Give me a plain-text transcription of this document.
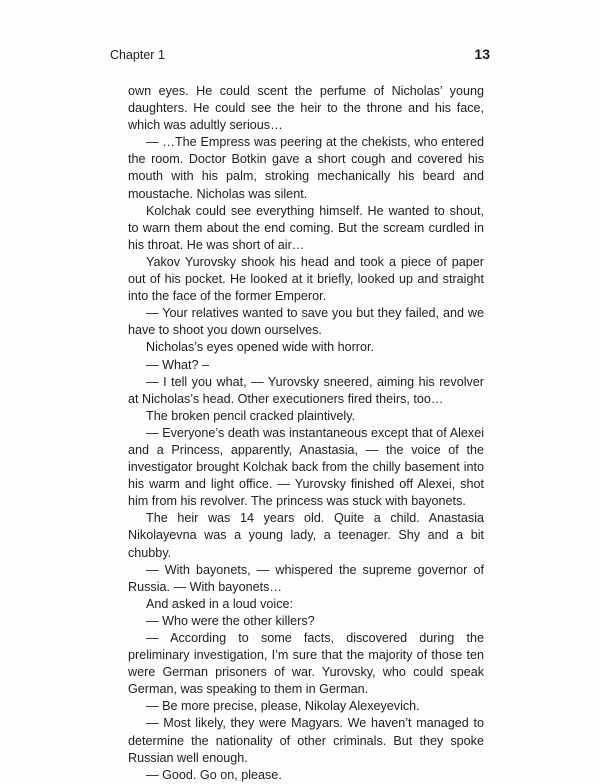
Chapter 1	13

own eyes. He could scent the perfume of Nicholas’ young daughters. He could see the heir to the throne and his face, which was adultly serious…

— …The Empress was peering at the chekists, who entered the room. Doctor Botkin gave a short cough and covered his mouth with his palm, stroking mechanically his beard and moustache. Nicholas was silent.

Kolchak could see everything himself. He wanted to shout, to warn them about the end coming. But the scream curdled in his throat. He was short of air…

Yakov Yurovsky shook his head and took a piece of paper out of his pocket. He looked at it briefly, looked up and straight into the face of the former Emperor.

— Your relatives wanted to save you but they failed, and we have to shoot you down ourselves.

Nicholas’s eyes opened wide with horror.

— What? –

— I tell you what, — Yurovsky sneered, aiming his revolver at Nicholas’s head. Other executioners fired theirs, too…

The broken pencil cracked plaintively.

— Everyone’s death was instantaneous except that of Alexei and a Princess, apparently, Anastasia, — the voice of the investigator brought Kolchak back from the chilly basement into his warm and light office. — Yurovsky finished off Alexei, shot him from his revolver. The princess was stuck with bayonets.

The heir was 14 years old. Quite a child. Anastasia Nikolayevna was a young lady, a teenager. Shy and a bit chubby.

— With bayonets, — whispered the supreme governor of Russia. — With bayonets…

And asked in a loud voice:

— Who were the other killers?

— According to some facts, discovered during the preliminary investigation, I’m sure that the majority of those ten were German prisoners of war. Yurovsky, who could speak German, was speaking to them in German.

— Be more precise, please, Nikolay Alexeyevich.

— Most likely, they were Magyars. We haven’t managed to determine the nationality of other criminals. But they spoke Russian well enough.

— Good. Go on, please.
